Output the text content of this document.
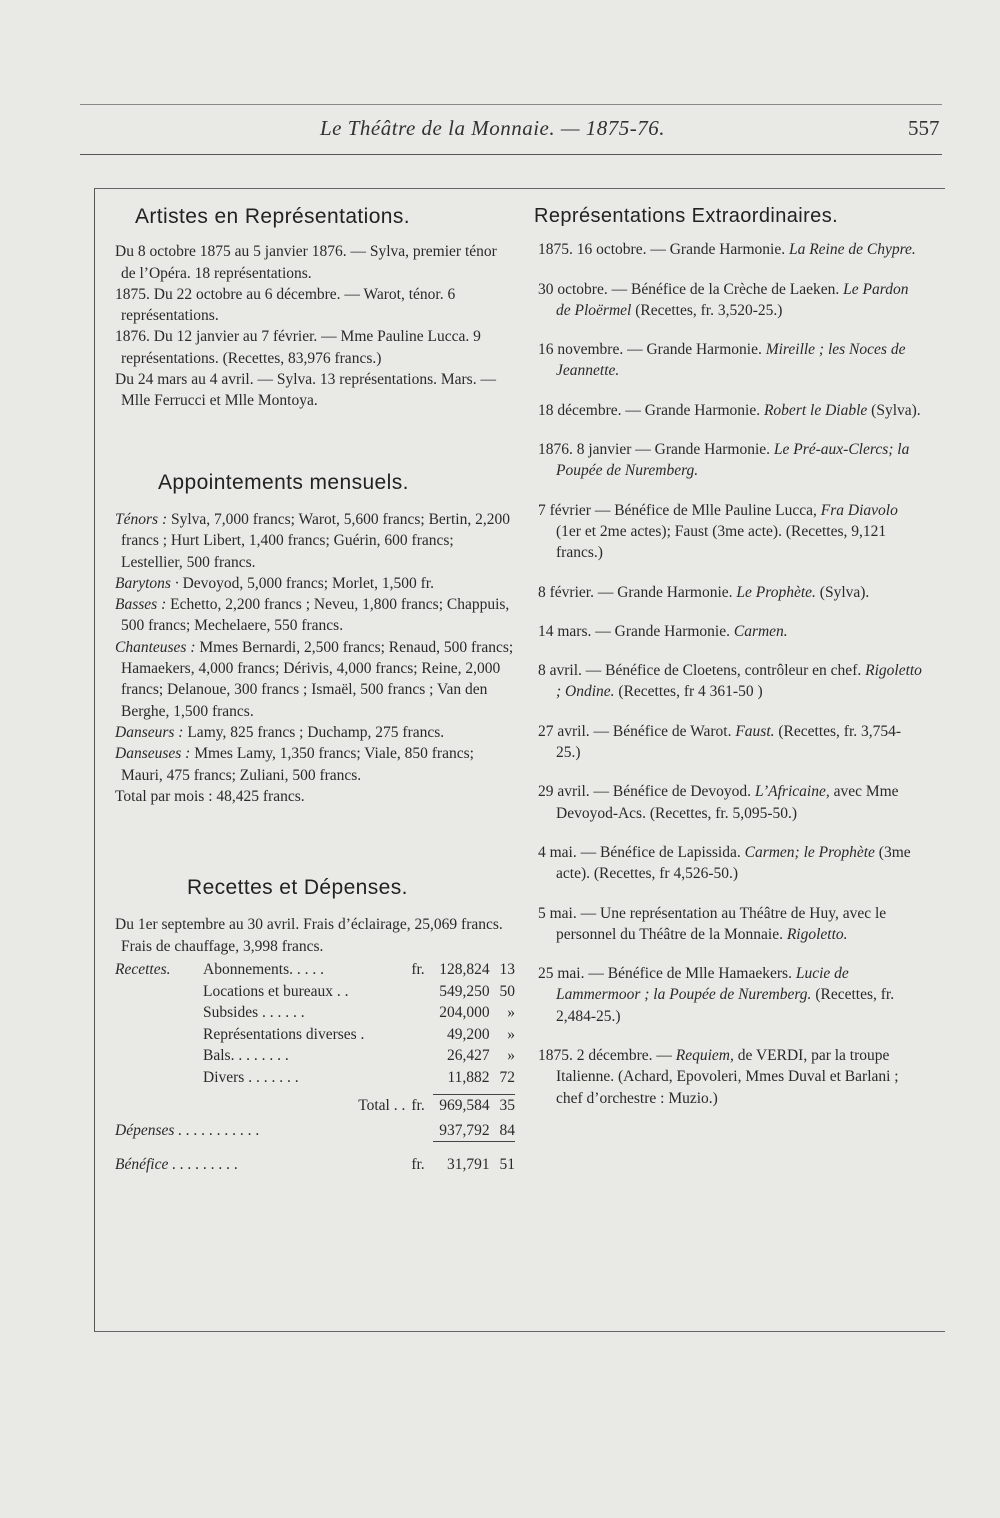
Le Théâtre de la Monnaie. — 1875-76.	557
Artistes en Représentations.

Du 8 octobre 1875 au 5 janvier 1876. — Sylva, premier ténor de l’Opéra. 18 représentations.

1875. Du 22 octobre au 6 décembre. — Warot, ténor. 6 représentations.

1876. Du 12 janvier au 7 février. — Mme Pauline Lucca. 9 représentations. (Recettes, 83,976 francs.)

Du 24 mars au 4 avril. — Sylva. 13 représentations. Mars. — Mlle Ferrucci et Mlle Montoya.

Appointements mensuels.

Ténors : Sylva, 7,000 francs; Warot, 5,600 francs; Bertin, 2,200 francs ; Hurt Libert, 1,400 francs; Guérin, 600 francs; Lestellier, 500 francs.

Barytons · Devoyod, 5,000 francs; Morlet, 1,500 fr.

Basses : Echetto, 2,200 francs ; Neveu, 1,800 francs; Chappuis, 500 francs; Mechelaere, 550 francs.

Chanteuses : Mmes Bernardi, 2,500 francs; Renaud, 500 francs; Hamaekers, 4,000 francs; Dérivis, 4,000 francs; Reine, 2,000 francs; Delanoue, 300 francs ; Ismaël, 500 francs ; Van den Berghe, 1,500 francs.

Danseurs : Lamy, 825 francs ; Duchamp, 275 francs.

Danseuses : Mmes Lamy, 1,350 francs; Viale, 850 francs; Mauri, 475 francs; Zuliani, 500 francs.

Total par mois : 48,425 francs.

Recettes et Dépenses.

Du 1er septembre au 30 avril. Frais d’éclairage, 25,069 francs. Frais de chauffage, 3,998 francs.

Recettes.	Abonnements. . . . .	fr. 128,824 13
Locations et bureaux . .	549,250 50
Subsides . . . . . .	204,000	»
Représentations diverses .	49,200	»
Bals. . . . . . . .	26,427	»
Divers . . . . . . .	11,882 72
Total . . fr. 969,584 35
Dépenses . . . . . . . . . . .	937,792 84
Bénéfice . . . . . . . . .	fr.	31,791 51
Représentations Extraordinaires.

1875. 16 octobre. — Grande Harmonie. La Reine de Chypre.

30 octobre. — Bénéfice de la Crèche de Laeken. Le Pardon de Ploërmel (Recettes, fr. 3,520-25.)

16 novembre. — Grande Harmonie. Mireille ; les Noces de Jeannette.

18 décembre. — Grande Harmonie. Robert le Diable (Sylva).

1876. 8 janvier — Grande Harmonie. Le Pré-aux-Clercs; la Poupée de Nuremberg.

7 février — Bénéfice de Mlle Pauline Lucca, Fra Diavolo (1er et 2me actes); Faust (3me acte). (Recettes, 9,121 francs.)

8 février. — Grande Harmonie. Le Prophète. (Sylva).

14 mars. — Grande Harmonie. Carmen.

8 avril. — Bénéfice de Cloetens, contrôleur en chef. Rigoletto ; Ondine. (Recettes, fr 4 361-50 )

27 avril. — Bénéfice de Warot. Faust. (Recettes, fr. 3,754-25.)

29 avril. — Bénéfice de Devoyod. L’Africaine, avec Mme Devoyod-Acs. (Recettes, fr. 5,095-50.)

4 mai. — Bénéfice de Lapissida. Carmen; le Prophète (3me acte). (Recettes, fr 4,526-50.)

5 mai. — Une représentation au Théâtre de Huy, avec le personnel du Théâtre de la Monnaie. Rigoletto.

25 mai. — Bénéfice de Mlle Hamaekers. Lucie de Lammermoor ; la Poupée de Nuremberg. (Recettes, fr. 2,484-25.)

1875. 2 décembre. — Requiem, de VERDI, par la troupe Italienne. (Achard, Epovoleri, Mmes Duval et Barlani ; chef d’orchestre : Muzio.)
